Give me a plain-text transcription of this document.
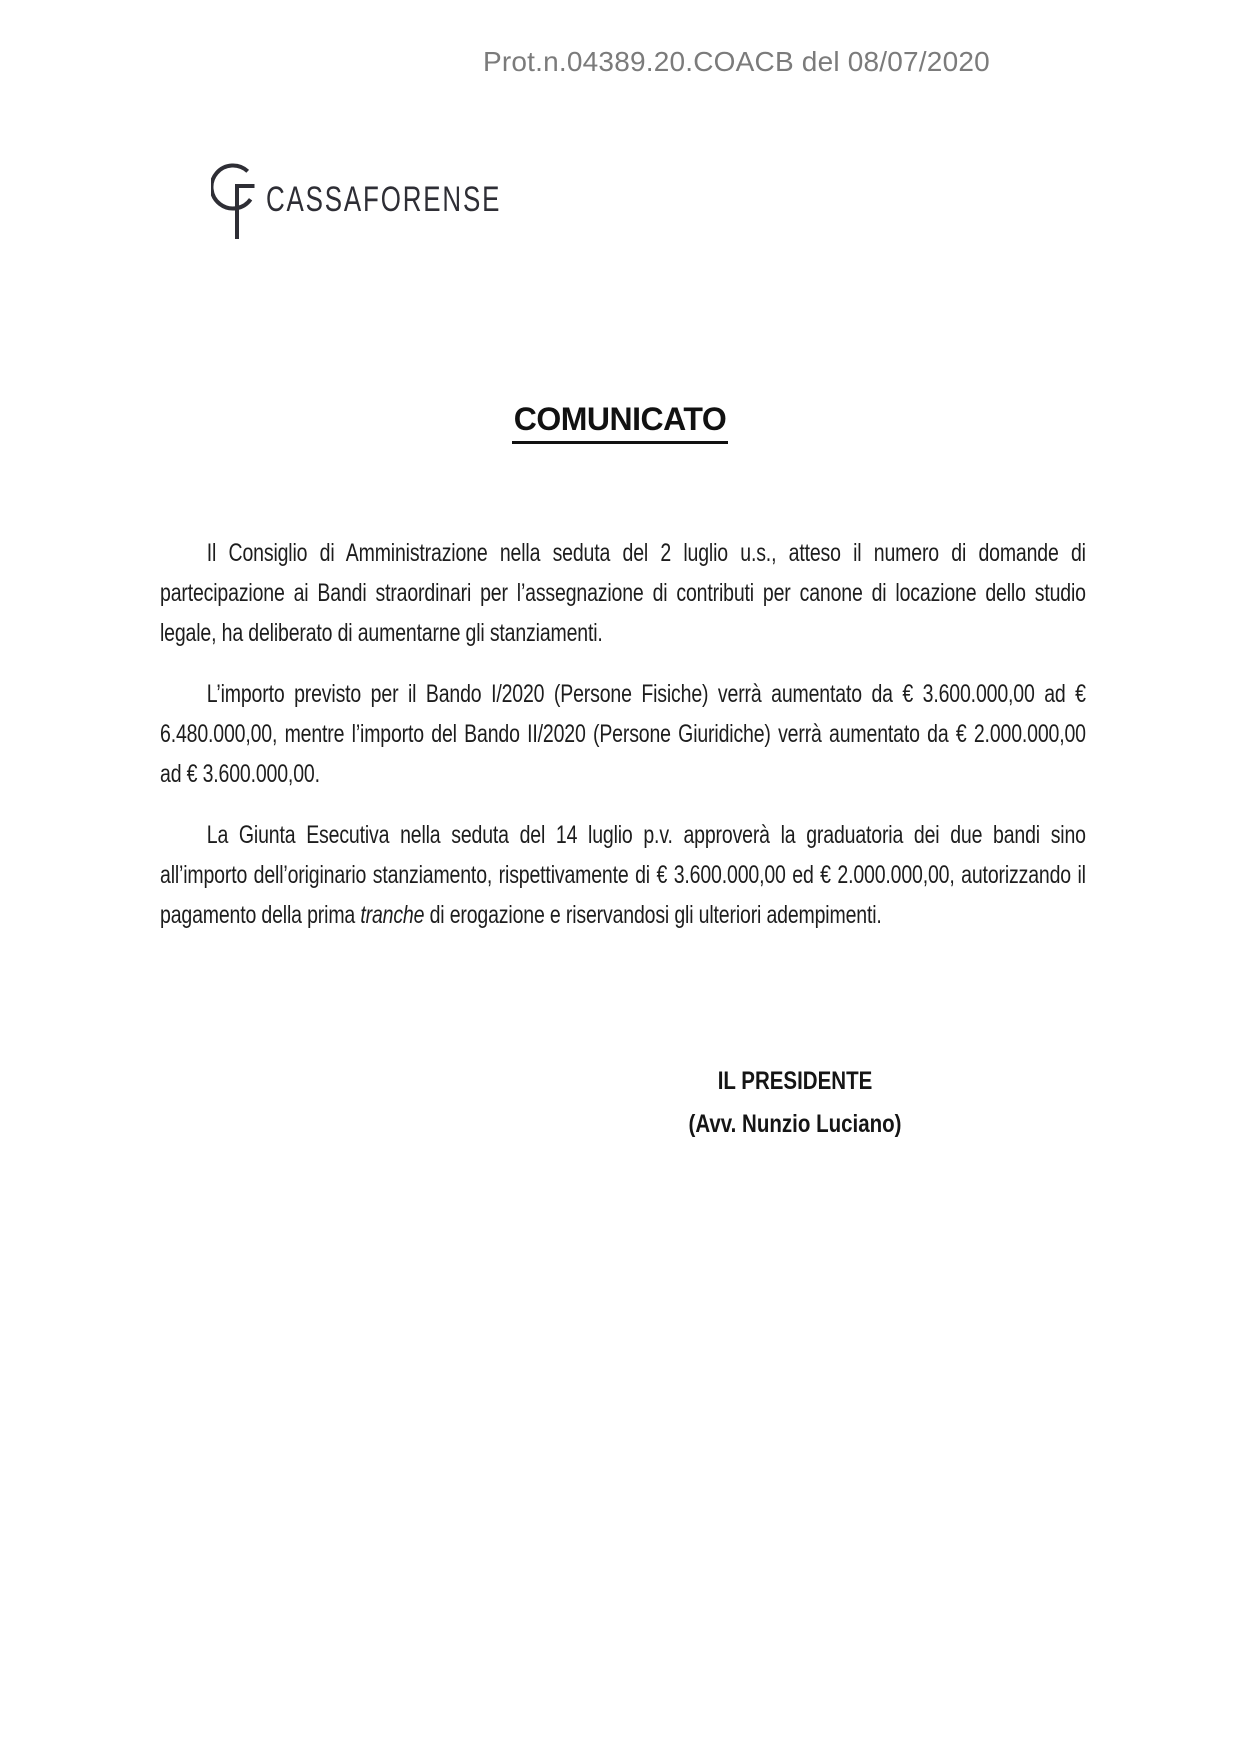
Prot.n.04389.20.COACB del 08/07/2020
CASSAFORENSE
COMUNICATO

Il Consiglio di Amministrazione nella seduta del 2 luglio u.s., atteso il numero di domande di partecipazione ai Bandi straordinari per l’assegnazione di contributi per canone di locazione dello studio legale, ha deliberato di aumentarne gli stanziamenti.

L’importo previsto per il Bando I/2020 (Persone Fisiche) verrà aumentato da € 3.600.000,00 ad € 6.480.000,00, mentre l’importo del Bando II/2020 (Persone Giuridiche) verrà aumentato da € 2.000.000,00 ad € 3.600.000,00.

La Giunta Esecutiva nella seduta del 14 luglio p.v. approverà la graduatoria dei due bandi sino all’importo dell’originario stanziamento, rispettivamente di € 3.600.000,00 ed € 2.000.000,00, autorizzando il pagamento della prima tranche di erogazione e riservandosi gli ulteriori adempimenti.

IL PRESIDENTE
(Avv. Nunzio Luciano)
